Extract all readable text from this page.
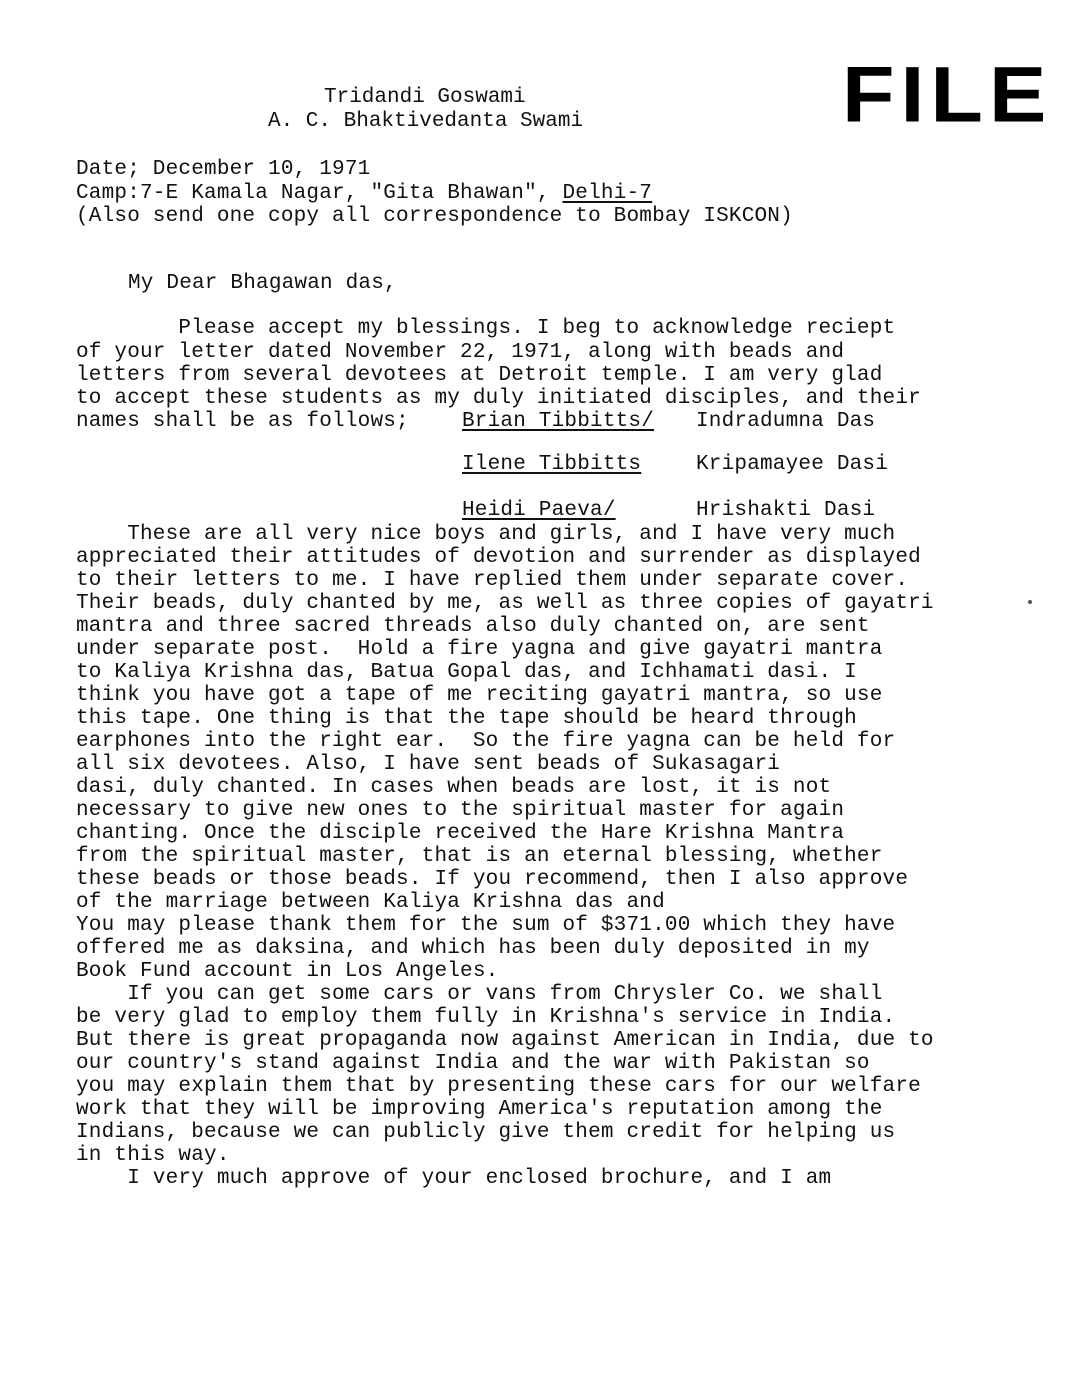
FILE
Tridandi Goswami
A. C. Bhaktivedanta Swami
Date; December 10, 1971
Camp:7-E Kamala Nagar, "Gita Bhawan", Delhi-7
(Also send one copy all correspondence to Bombay ISKCON)
My Dear Bhagawan das,
Please accept my blessings. I beg to acknowledge reciept
of your letter dated November 22, 1971, along with beads and
letters from several devotees at Detroit temple. I am very glad
to accept these students as my duly initiated disciples, and their
names shall be as follows;	Brian Tibbitts/ Indradumna Das
Ilene Tibbitts	Kripamayee Dasi
Heidi Paeva/	Hrishakti Dasi
These are all very nice boys and girls, and I have very much
appreciated their attitudes of devotion and surrender as displayed
to their letters to me. I have replied them under separate cover.
Their beads, duly chanted by me, as well as three copies of gayatri
mantra and three sacred threads also duly chanted on, are sent
under separate post.  Hold a fire yagna and give gayatri mantra
to Kaliya Krishna das, Batua Gopal das, and Ichhamati dasi. I
think you have got a tape of me reciting gayatri mantra, so use
this tape. One thing is that the tape should be heard through
earphones into the right ear.  So the fire yagna can be held for
all six devotees. Also, I have sent beads of Sukasagari
dasi, duly chanted. In cases when beads are lost, it is not
necessary to give new ones to the spiritual master for again
chanting. Once the disciple received the Hare Krishna Mantra
from the spiritual master, that is an eternal blessing, whether
these beads or those beads. If you recommend, then I also approve
of the marriage between Kaliya Krishna das and
You may please thank them for the sum of $371.00 which they have
offered me as daksina, and which has been duly deposited in my
Book Fund account in Los Angeles.
If you can get some cars or vans from Chrysler Co. we shall
be very glad to employ them fully in Krishna's service in India.
But there is great propaganda now against American in India, due to
our country's stand against India and the war with Pakistan so
you may explain them that by presenting these cars for our welfare
work that they will be improving America's reputation among the
Indians, because we can publicly give them credit for helping us
in this way.
I very much approve of your enclosed brochure, and I am
